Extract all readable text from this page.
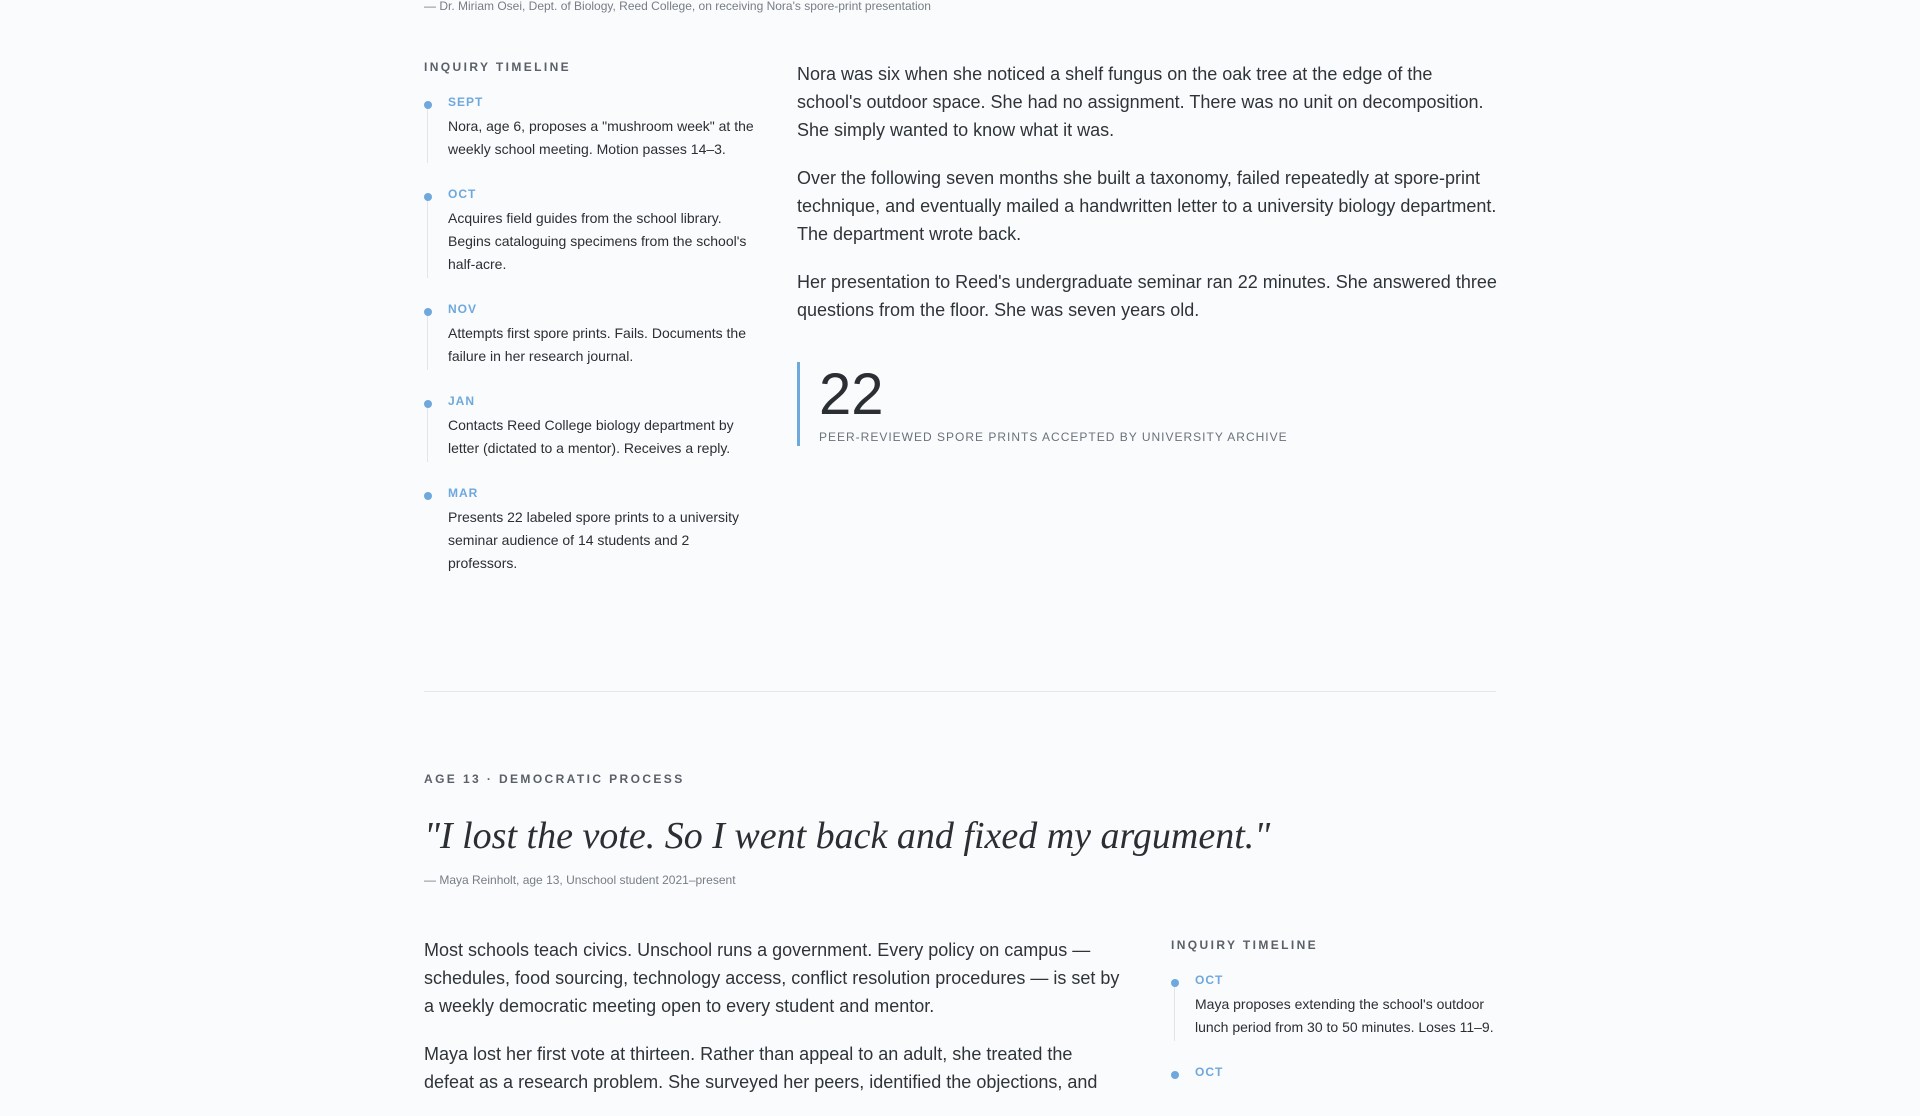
— Dr. Miriam Osei, Dept. of Biology, Reed College, on receiving Nora's spore-print presentation
INQUIRY TIMELINE
SEPT
Nora, age 6, proposes a "mushroom week" at the weekly school meeting. Motion passes 14–3.
OCT
Acquires field guides from the school library. Begins cataloguing specimens from the school's half-acre.
NOV
Attempts first spore prints. Fails. Documents the failure in her research journal.
JAN
Contacts Reed College biology department by letter (dictated to a mentor). Receives a reply.
MAR
Presents 22 labeled spore prints to a university seminar audience of 14 students and 2 professors.

Nora was six when she noticed a shelf fungus on the oak tree at the edge of the school's outdoor space. She had no assignment. There was no unit on decomposition. She simply wanted to know what it was.

Over the following seven months she built a taxonomy, failed repeatedly at spore-print technique, and eventually mailed a handwritten letter to a university biology department. The department wrote back.

Her presentation to Reed's undergraduate seminar ran 22 minutes. She answered three questions from the floor. She was seven years old.

22
PEER-REVIEWED SPORE PRINTS ACCEPTED BY UNIVERSITY ARCHIVE
AGE 13 · DEMOCRATIC PROCESS
"I lost the vote. So I went back and fixed my argument."
— Maya Reinholt, age 13, Unschool student 2021–present

Most schools teach civics. Unschool runs a government. Every policy on campus — schedules, food sourcing, technology access, conflict resolution procedures — is set by a weekly democratic meeting open to every student and mentor.

Maya lost her first vote at thirteen. Rather than appeal to an adult, she treated the defeat as a research problem. She surveyed her peers, identified the objections, and

INQUIRY TIMELINE
OCT
Maya proposes extending the school's outdoor lunch period from 30 to 50 minutes. Loses 11–9.
OCT
